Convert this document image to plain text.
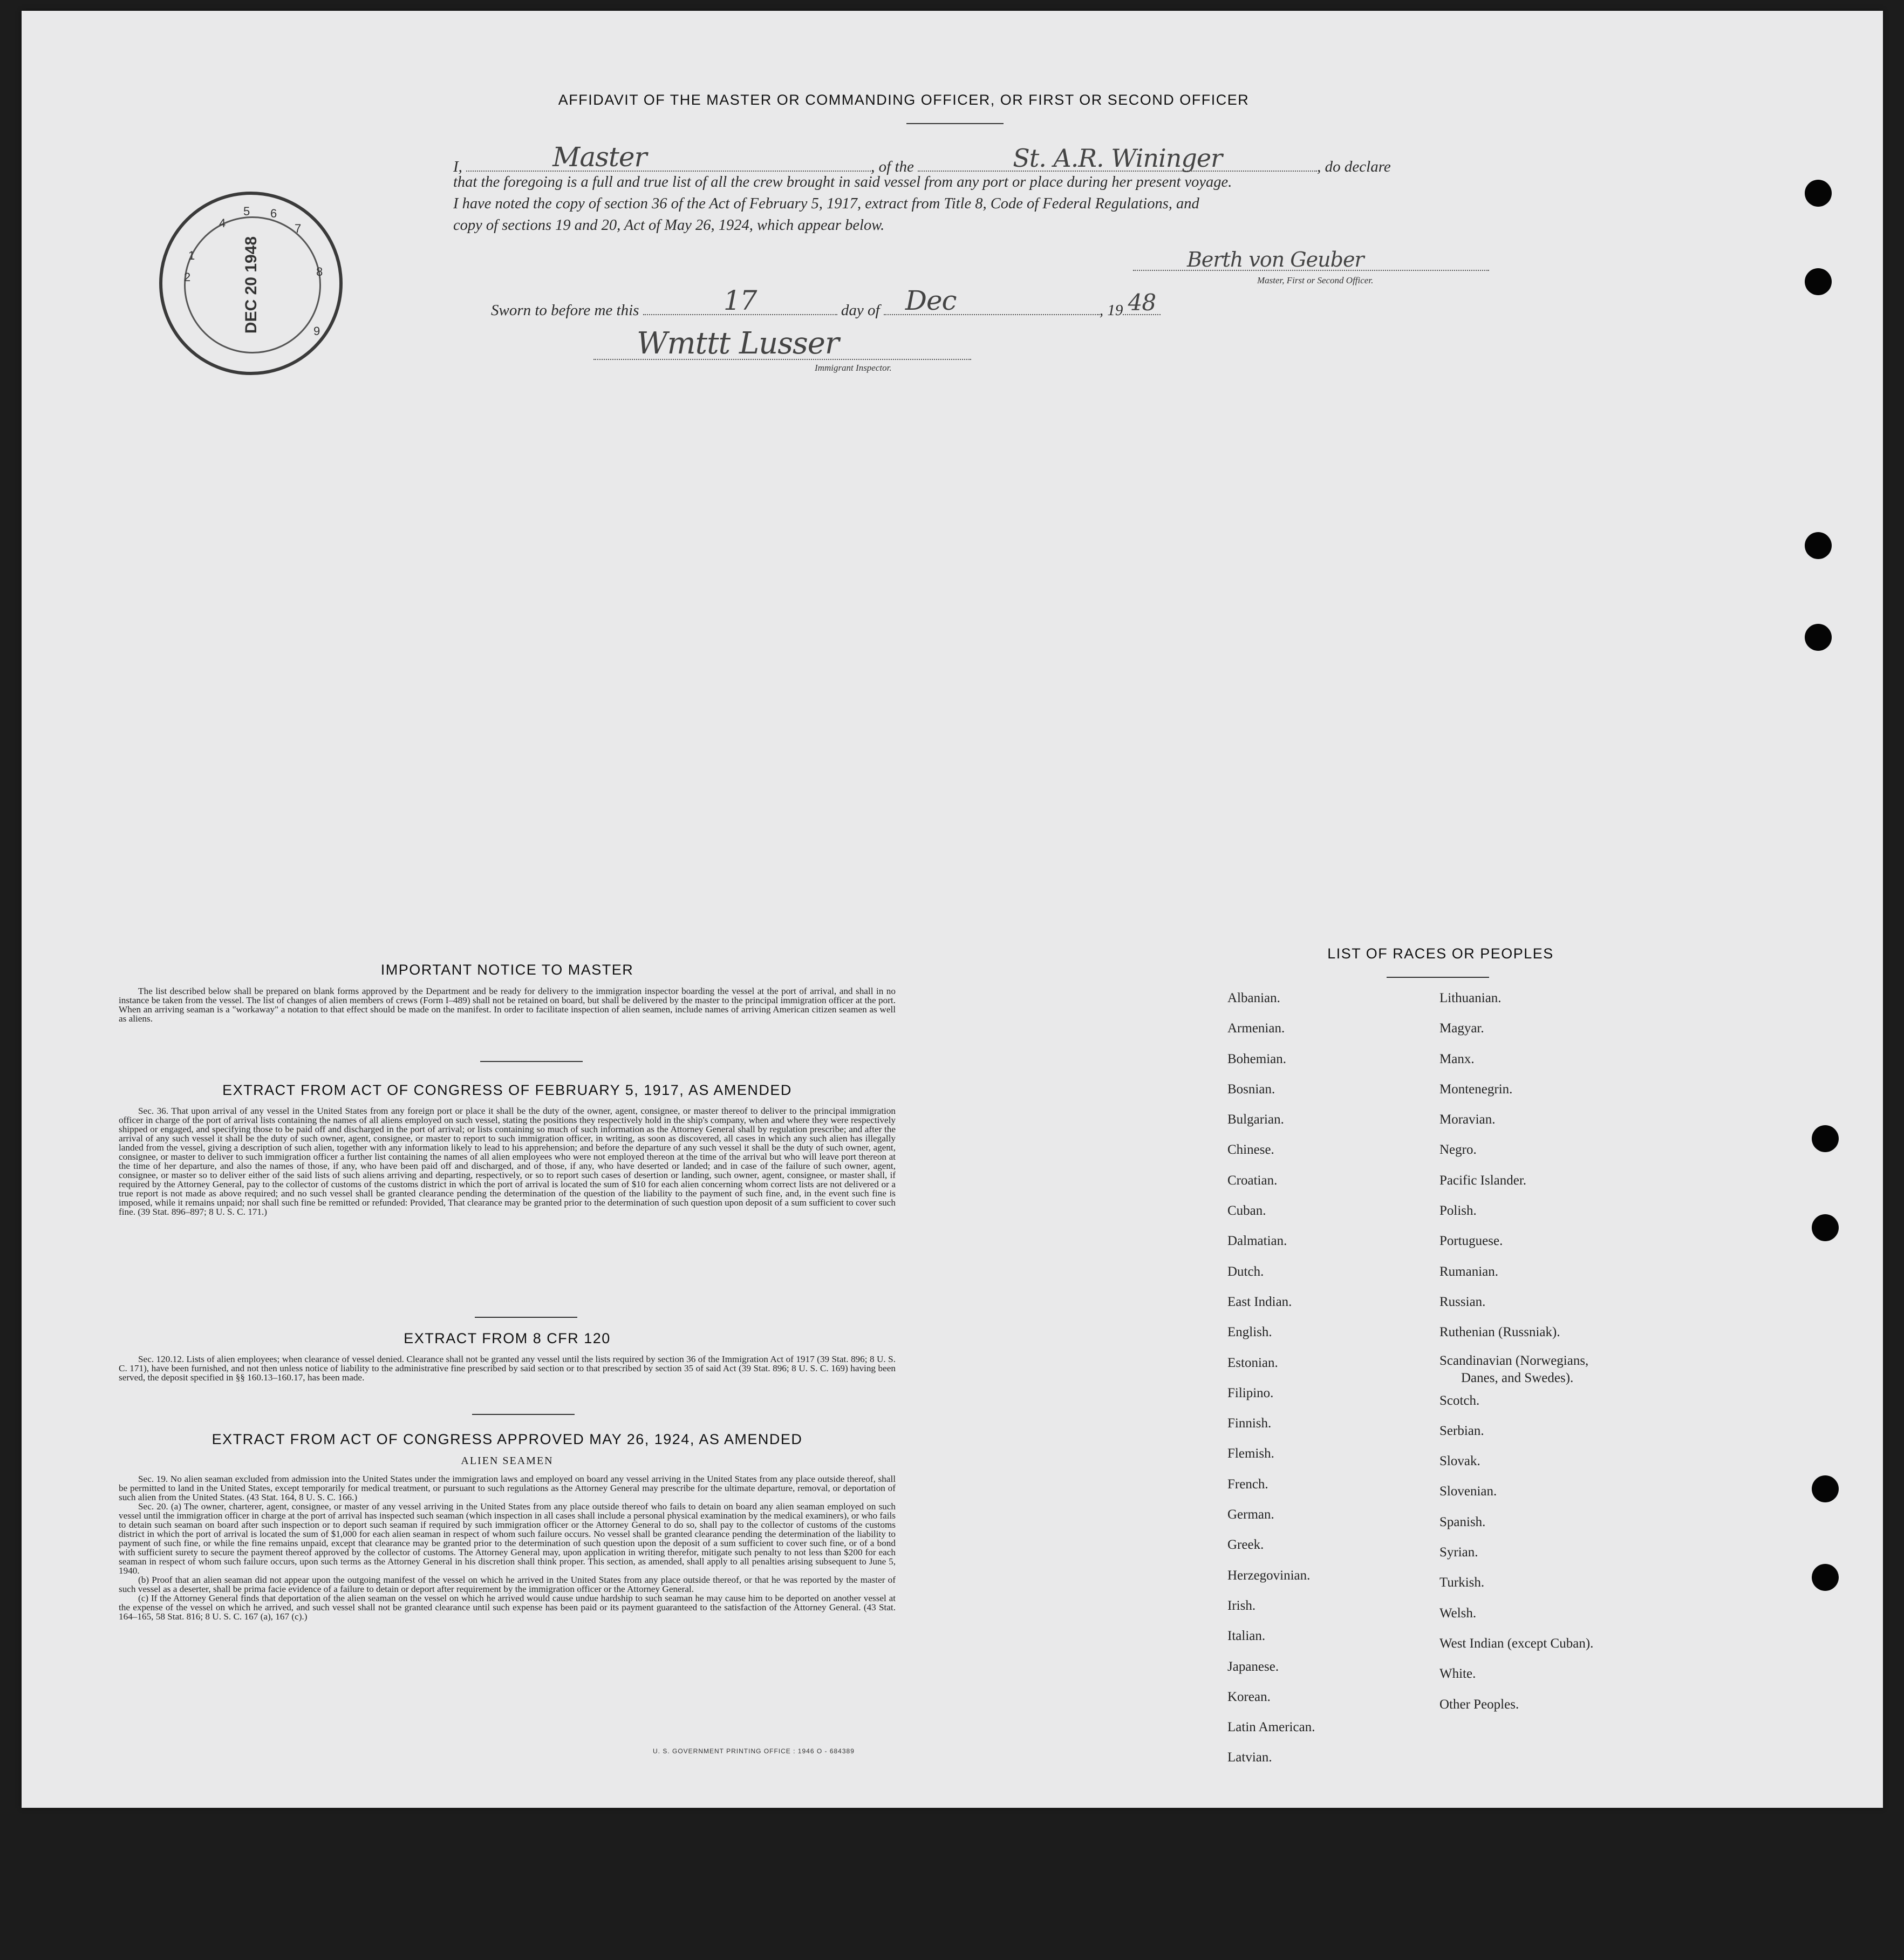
AFFIDAVIT OF THE MASTER OR COMMANDING OFFICER, OR FIRST OR SECOND OFFICER
I,	Master	, of the	St. A.R. Wininger	, do declare
that the foregoing is a full and true list of all the crew brought in said vessel from any port or place during her present voyage.
I have noted the copy of section 36 of the Act of February 5, 1917, extract from Title 8, Code of Federal Regulations, and
copy of sections 19 and 20, Act of May 26, 1924, which appear below.
Berth von Geuber
Master, First or Second Officer.
Sworn to before me this	17	day of Dec	, 19 48
Wmttt Lusser
Immigrant Inspector.
DEC 20 1948
2
1
4
5 6
7
8
9
IMPORTANT NOTICE TO MASTER

The list described below shall be prepared on blank forms approved by the Department and be ready for delivery to the immigration inspector boarding the vessel at the port of arrival, and shall in no instance be taken from the vessel. The list of changes of alien members of crews (Form I–489) shall not be retained on board, but shall be delivered by the master to the principal immigration officer at the port. When an arriving seaman is a "workaway" a notation to that effect should be made on the manifest. In order to facilitate inspection of alien seamen, include names of arriving American citizen seamen as well as aliens.

EXTRACT FROM ACT OF CONGRESS OF FEBRUARY 5, 1917, AS AMENDED

Sec. 36. That upon arrival of any vessel in the United States from any foreign port or place it shall be the duty of the owner, agent, consignee, or master thereof to deliver to the principal immigration officer in charge of the port of arrival lists containing the names of all aliens employed on such vessel, stating the positions they respectively hold in the ship's company, when and where they were respectively shipped or engaged, and specifying those to be paid off and discharged in the port of arrival; or lists containing so much of such information as the Attorney General shall by regulation prescribe; and after the arrival of any such vessel it shall be the duty of such owner, agent, consignee, or master to report to such immigration officer, in writing, as soon as discovered, all cases in which any such alien has illegally landed from the vessel, giving a description of such alien, together with any information likely to lead to his apprehension; and before the departure of any such vessel it shall be the duty of such owner, agent, consignee, or master to deliver to such immigration officer a further list containing the names of all alien employees who were not employed thereon at the time of the arrival but who will leave port thereon at the time of her departure, and also the names of those, if any, who have been paid off and discharged, and of those, if any, who have deserted or landed; and in case of the failure of such owner, agent, consignee, or master so to deliver either of the said lists of such aliens arriving and departing, respectively, or so to report such cases of desertion or landing, such owner, agent, consignee, or master shall, if required by the Attorney General, pay to the collector of customs of the customs district in which the port of arrival is located the sum of $10 for each alien concerning whom correct lists are not delivered or a true report is not made as above required; and no such vessel shall be granted clearance pending the determination of the question of the liability to the payment of such fine, and, in the event such fine is imposed, while it remains unpaid; nor shall such fine be remitted or refunded: Provided, That clearance may be granted prior to the determination of such question upon deposit of a sum sufficient to cover such fine. (39 Stat. 896–897; 8 U. S. C. 171.)

EXTRACT FROM 8 CFR 120

Sec. 120.12. Lists of alien employees; when clearance of vessel denied. Clearance shall not be granted any vessel until the lists required by section 36 of the Immigration Act of 1917 (39 Stat. 896; 8 U. S. C. 171), have been furnished, and not then unless notice of liability to the administrative fine prescribed by said section or to that prescribed by section 35 of said Act (39 Stat. 896; 8 U. S. C. 169) having been served, the deposit specified in §§ 160.13–160.17, has been made.

EXTRACT FROM ACT OF CONGRESS APPROVED MAY 26, 1924, AS AMENDED
ALIEN SEAMEN

Sec. 19. No alien seaman excluded from admission into the United States under the immigration laws and employed on board any vessel arriving in the United States from any place outside thereof, shall be permitted to land in the United States, except temporarily for medical treatment, or pursuant to such regulations as the Attorney General may prescribe for the ultimate departure, removal, or deportation of such alien from the United States. (43 Stat. 164, 8 U. S. C. 166.)

Sec. 20. (a) The owner, charterer, agent, consignee, or master of any vessel arriving in the United States from any place outside thereof who fails to detain on board any alien seaman employed on such vessel until the immigration officer in charge at the port of arrival has inspected such seaman (which inspection in all cases shall include a personal physical examination by the medical examiners), or who fails to detain such seaman on board after such inspection or to deport such seaman if required by such immigration officer or the Attorney General to do so, shall pay to the collector of customs of the customs district in which the port of arrival is located the sum of $1,000 for each alien seaman in respect of whom such failure occurs. No vessel shall be granted clearance pending the determination of the liability to payment of such fine, or while the fine remains unpaid, except that clearance may be granted prior to the determination of such question upon the deposit of a sum sufficient to cover such fine, or of a bond with sufficient surety to secure the payment thereof approved by the collector of customs. The Attorney General may, upon application in writing therefor, mitigate such penalty to not less than $200 for each seaman in respect of whom such failure occurs, upon such terms as the Attorney General in his discretion shall think proper. This section, as amended, shall apply to all penalties arising subsequent to June 5, 1940.

(b) Proof that an alien seaman did not appear upon the outgoing manifest of the vessel on which he arrived in the United States from any place outside thereof, or that he was reported by the master of such vessel as a deserter, shall be prima facie evidence of a failure to detain or deport after requirement by the immigration officer or the Attorney General.

(c) If the Attorney General finds that deportation of the alien seaman on the vessel on which he arrived would cause undue hardship to such seaman he may cause him to be deported on another vessel at the expense of the vessel on which he arrived, and such vessel shall not be granted clearance until such expense has been paid or its payment guaranteed to the satisfaction of the Attorney General. (43 Stat. 164–165, 58 Stat. 816; 8 U. S. C. 167 (a), 167 (c).)

U. S. GOVERNMENT PRINTING OFFICE : 1946 O - 684389
LIST OF RACES OR PEOPLES
Albanian.
Armenian.
Bohemian.
Bosnian.
Bulgarian.
Chinese.
Croatian.
Cuban.
Dalmatian.
Dutch.
East Indian.
English.
Estonian.
Filipino.
Finnish.
Flemish.
French.
German.
Greek.
Herzegovinian.
Irish.
Italian.
Japanese.
Korean.
Latin American.
Latvian.
Lithuanian.
Magyar.
Manx.
Montenegrin.
Moravian.
Negro.
Pacific Islander.
Polish.
Portuguese.
Rumanian.
Russian.
Ruthenian (Russniak).
Scandinavian (Norwegians,
Danes, and Swedes).
Scotch.
Serbian.
Slovak.
Slovenian.
Spanish.
Syrian.
Turkish.
Welsh.
West Indian (except Cuban).
White.
Other Peoples.
